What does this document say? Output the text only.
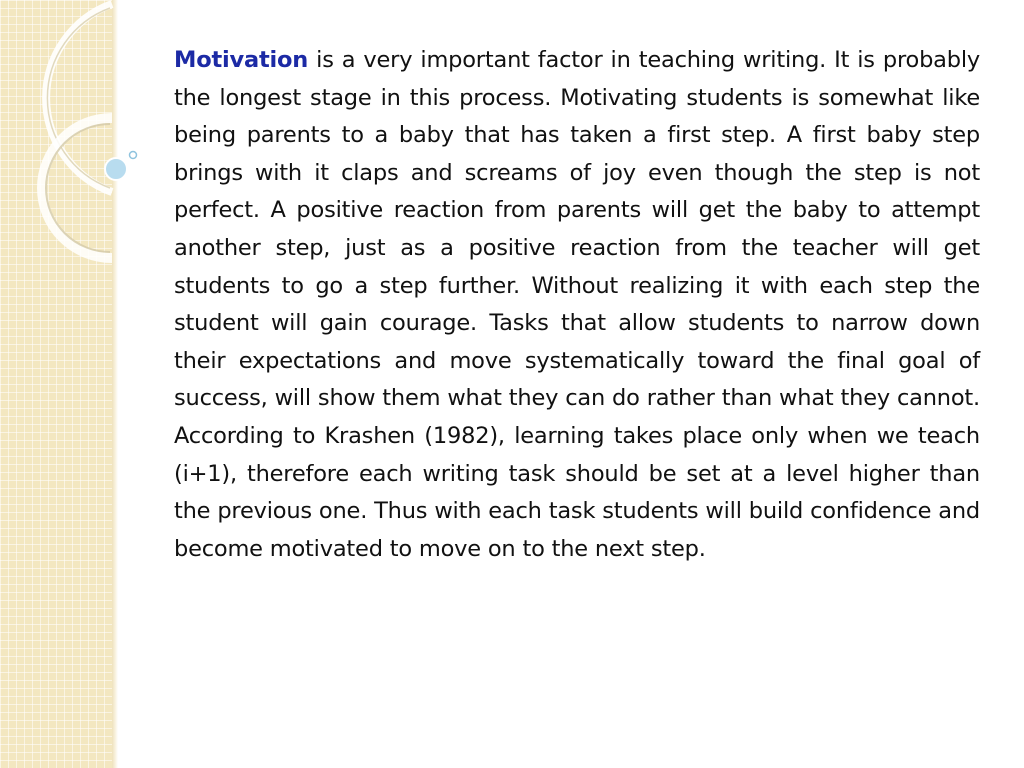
Motivation is a very important factor in teaching writing. It is probably the longest stage in this process. Motivating students is somewhat like being parents to a baby that has taken a first step. A first baby step brings with it claps and screams of joy even though the step is not perfect. A positive reaction from parents will get the baby to attempt another step, just as a positive reaction from the teacher will get students to go a step further. Without realizing it with each step the student will gain courage. Tasks that allow students to narrow down their expectations and move systematically toward the final goal of success, will show them what they can do rather than what they cannot. According to Krashen (1982), learning takes place only when we teach (i+1), therefore each writing task should be set at a level higher than the previous one. Thus with each task students will build confidence and become motivated to move on to the next step.
